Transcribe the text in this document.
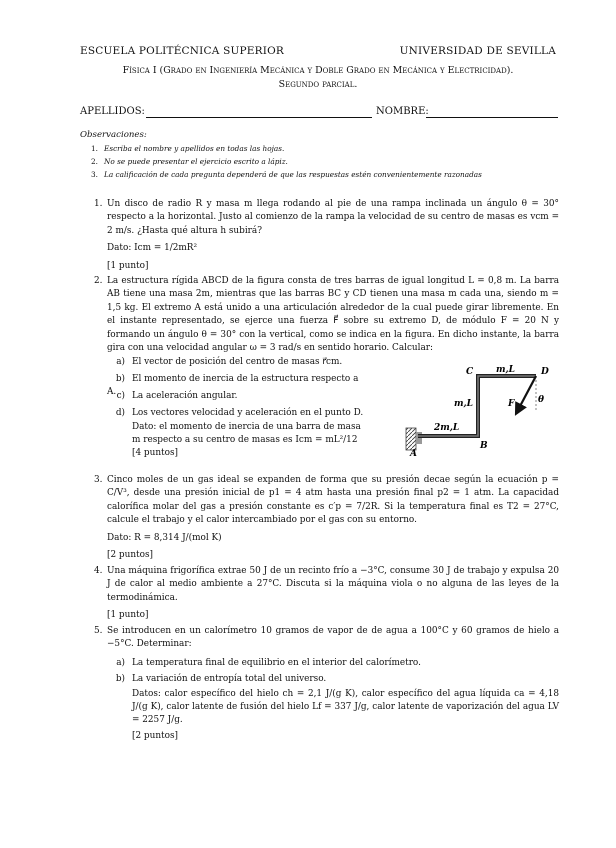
ESCUELA POLITÉCNICA SUPERIOR	UNIVERSIDAD DE SEVILLA
Física I (Grado en Ingeniería Mecánica y Doble Grado en Mecánica y Electricidad).
Segundo parcial.
APELLIDOS:	NOMBRE:
Observaciones:
1. Escriba el nombre y apellidos en todas las hojas.
2. No se puede presentar el ejercicio escrito a lápiz.
3. La calificación de cada pregunta dependerá de que las respuestas estén convenientemente razonadas
1. Un disco de radio R y masa m llega rodando al pie de una rampa inclinada un ángulo θ = 30° respecto a la horizontal. Justo al comienzo de la rampa la velocidad de su centro de masas es vcm = 2 m/s. ¿Hasta qué altura h subirá?

Dato: Icm = 1/2mR²

[1 punto]

2. La estructura rígida ABCD de la figura consta de tres barras de igual longitud L = 0,8 m. La barra AB tiene una masa 2m, mientras que las barras BC y CD tienen una masa m cada una, siendo m = 1,5 kg. El extremo A está unido a una articulación alrededor de la cual puede girar libremente. En el instante representado, se ejerce una fuerza F⃗ sobre su extremo D, de módulo F = 20 N y formando un ángulo θ = 30° con la vertical, como se indica en la figura. En dicho instante, la barra gira con una velocidad angular ω = 3 rad/s en sentido horario. Calcular:

a) El vector de posición del centro de masas r⃗cm.
b) El momento de inercia de la estructura respecto a A. c) La aceleración angular.
d) Los vectores velocidad y aceleración en el punto D.
Dato: el momento de inercia de una barra de masa m respecto a su centro de masas es Icm = mL²/12
[4 puntos]	A
B
C	D
F	θ
2m,L
m,L
m,L
3. Cinco moles de un gas ideal se expanden de forma que su presión decae según la ecuación p = C/V³, desde una presión inicial de p1 = 4 atm hasta una presión final p2 = 1 atm. La capacidad calorífica molar del gas a presión constante es c′p = 7/2R. Si la temperatura final es T2 = 27°C, calcule el trabajo y el calor intercambiado por el gas con su entorno.

Dato: R = 8,314 J/(mol K)

[2 puntos]

4. Una máquina frigorífica extrae 50 J de un recinto frío a −3°C, consume 30 J de trabajo y expulsa 20 J de calor al medio ambiente a 27°C. Discuta si la máquina viola o no alguna de las leyes de la termodinámica.

[1 punto]

5. Se introducen en un calorímetro 10 gramos de vapor de de agua a 100°C y 60 gramos de hielo a −5°C. Determinar:

a) La temperatura final de equilibrio en el interior del calorímetro.
b) La variación de entropía total del universo.
Datos: calor específico del hielo ch = 2,1 J/(g K), calor específico del agua líquida ca = 4,18 J/(g K), calor latente de fusión del hielo Lf = 337 J/g, calor latente de vaporización del agua LV = 2257 J/g.
[2 puntos]
